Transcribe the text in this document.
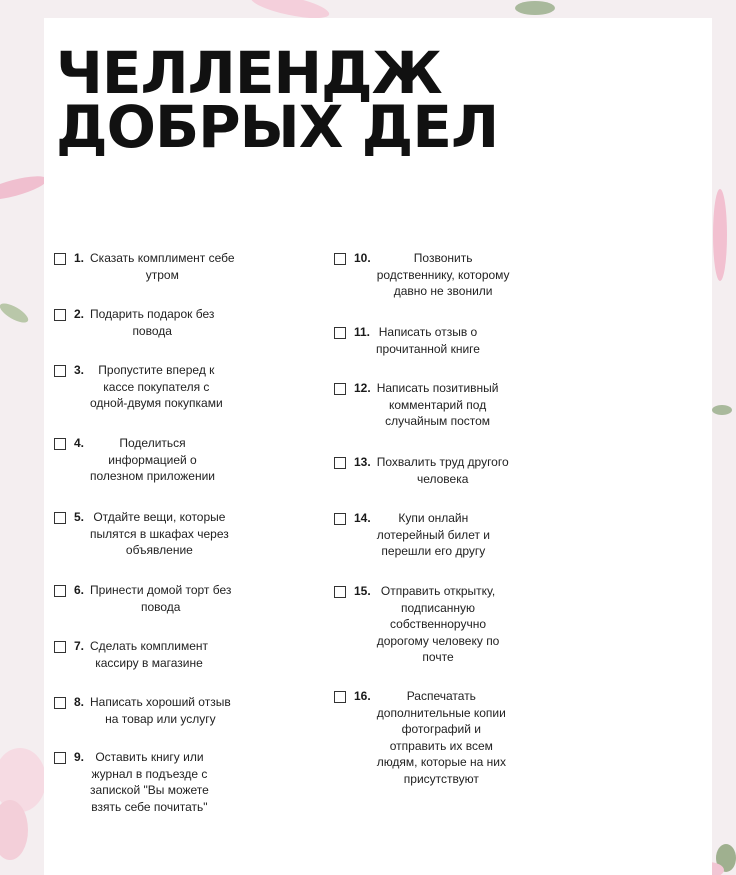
ЧЕЛЛЕНДЖ
ДОБРЫХ ДЕЛ
1. Сказать комплимент себе
утром
2. Подарить подарок без
повода
3.	Пропустите вперед к
кассе покупателя с
одной-двумя покупками
4.	Поделиться
информацией о
полезном приложении
5. Отдайте вещи, которые
пылятся в шкафах через
объявление
6. Принести домой торт без
повода
7. Сделать комплимент
кассиру в магазине
8. Написать хороший отзыв
на товар или услугу
9. Оставить книгу или
журнал в подъезде с
запиской "Вы можете
взять себе почитать"
10.	Позвонить
родственнику, которому
давно не звонили
11. Написать отзыв о
прочитанной книге
12. Написать позитивный
комментарий под
случайным постом
13. Похвалить труд другого
человека
14.	Купи онлайн
лотерейный билет и
перешли его другу
15. Отправить открытку,
подписанную
собственноручно
дорогому человеку по
почте
16.	Распечатать
дополнительные копии
фотографий и
отправить их всем
людям, которые на них
присутствуют
